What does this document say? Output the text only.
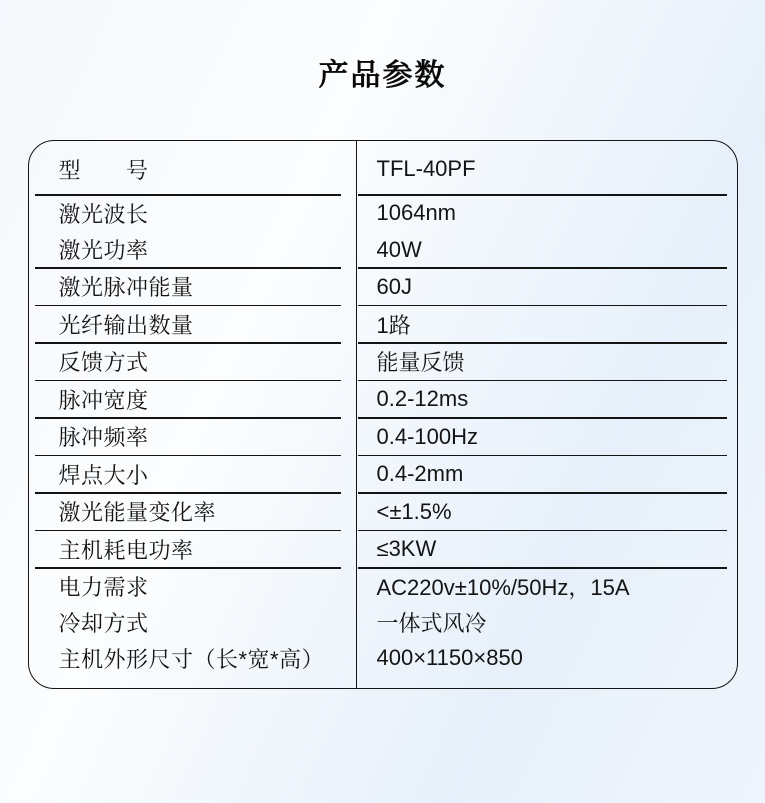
产品参数
型　　号	TFL-40PF
激光波长	1064nm
激光功率	40W
激光脉冲能量	60J
光纤输出数量	1路
反馈方式	能量反馈
脉冲宽度	0.2-12ms
脉冲频率	0.4-100Hz
焊点大小	0.4-2mm
激光能量变化率	<±1.5%
主机耗电功率	≤3KW
电力需求	AC220v±10%/50Hz，15A
冷却方式	一体式风冷
主机外形尺寸（长*宽*高）	400×1150×850
